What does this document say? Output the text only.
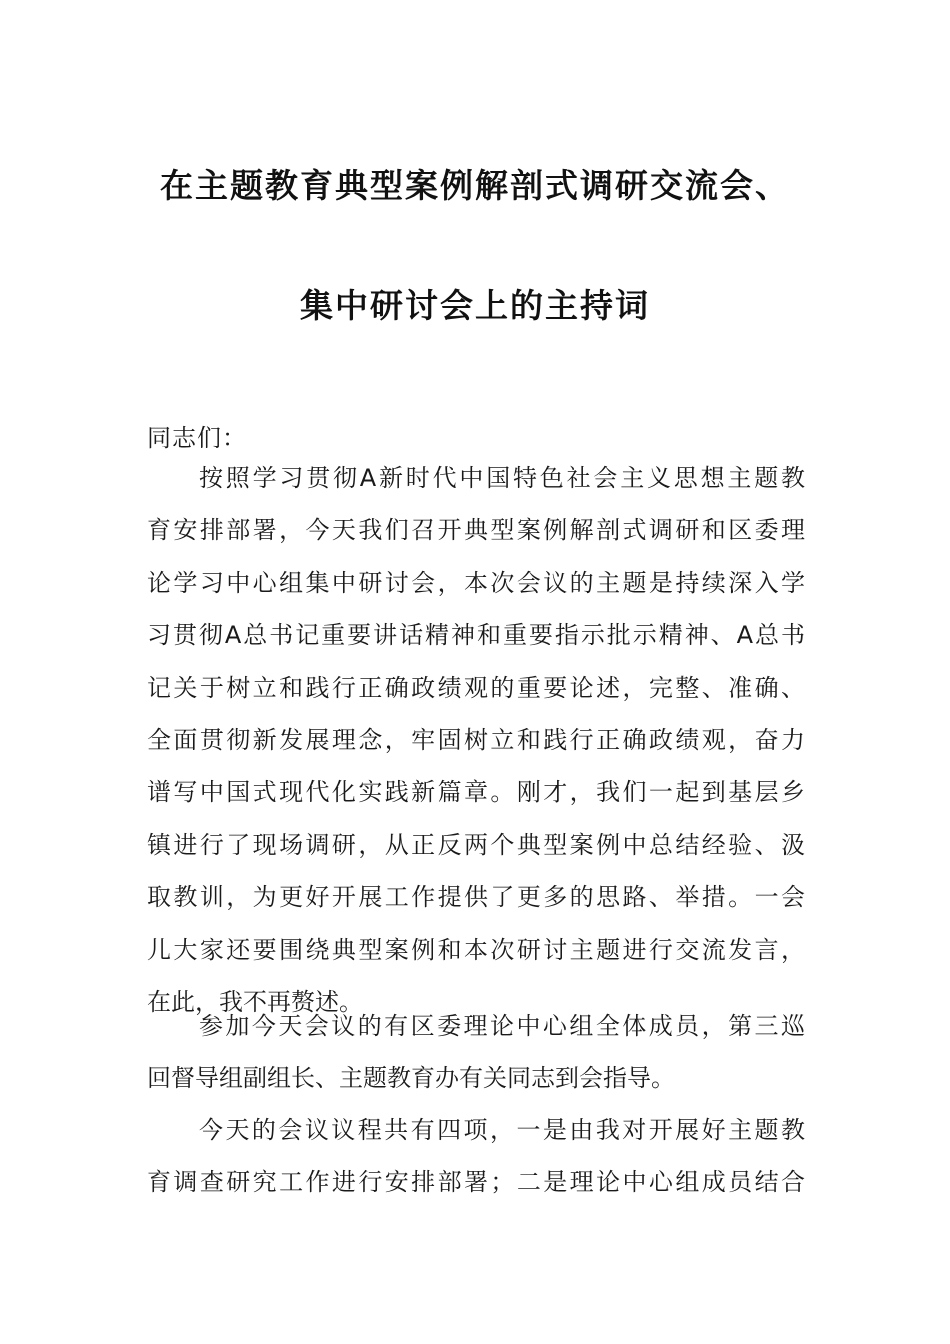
在主题教育典型案例解剖式调研交流会、
集中研讨会上的主持词
同志们：
按照学习贯彻A新时代中国特色社会主义思想主题教
育安排部署，今天我们召开典型案例解剖式调研和区委理
论学习中心组集中研讨会，本次会议的主题是持续深入学
习贯彻A总书记重要讲话精神和重要指示批示精神、A总书
记关于树立和践行正确政绩观的重要论述，完整、准确、
全面贯彻新发展理念，牢固树立和践行正确政绩观，奋力
谱写中国式现代化实践新篇章。刚才，我们一起到基层乡
镇进行了现场调研，从正反两个典型案例中总结经验、汲
取教训，为更好开展工作提供了更多的思路、举措。一会
儿大家还要围绕典型案例和本次研讨主题进行交流发言，
在此，我不再赘述。
参加今天会议的有区委理论中心组全体成员，第三巡
回督导组副组长、主题教育办有关同志到会指导。
今天的会议议程共有四项，一是由我对开展好主题教
育调查研究工作进行安排部署；二是理论中心组成员结合
